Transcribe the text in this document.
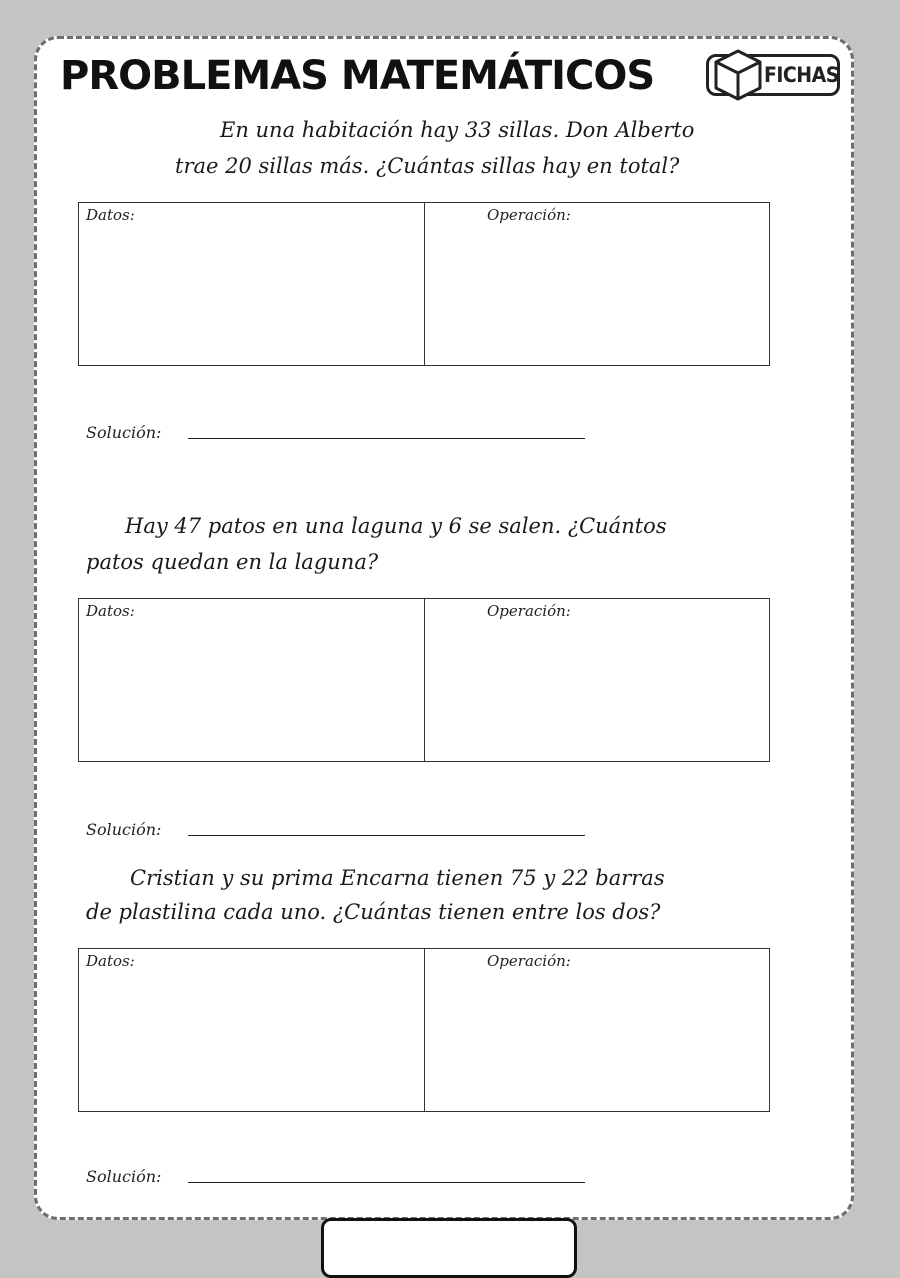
PROBLEMAS MATEMÁTICOS	FICHAS
En una habitación hay 33 sillas. Don Alberto
trae 20 sillas más. ¿Cuántas sillas hay en total?
Datos:	Operación:
Solución:
Hay 47 patos en una laguna y 6 se salen. ¿Cuántos
patos quedan en la laguna?
Datos:	Operación:
Solución:
Cristian y su prima Encarna tienen 75 y 22 barras
de plastilina cada uno. ¿Cuántas tienen entre los dos?
Datos:	Operación:
Solución:
